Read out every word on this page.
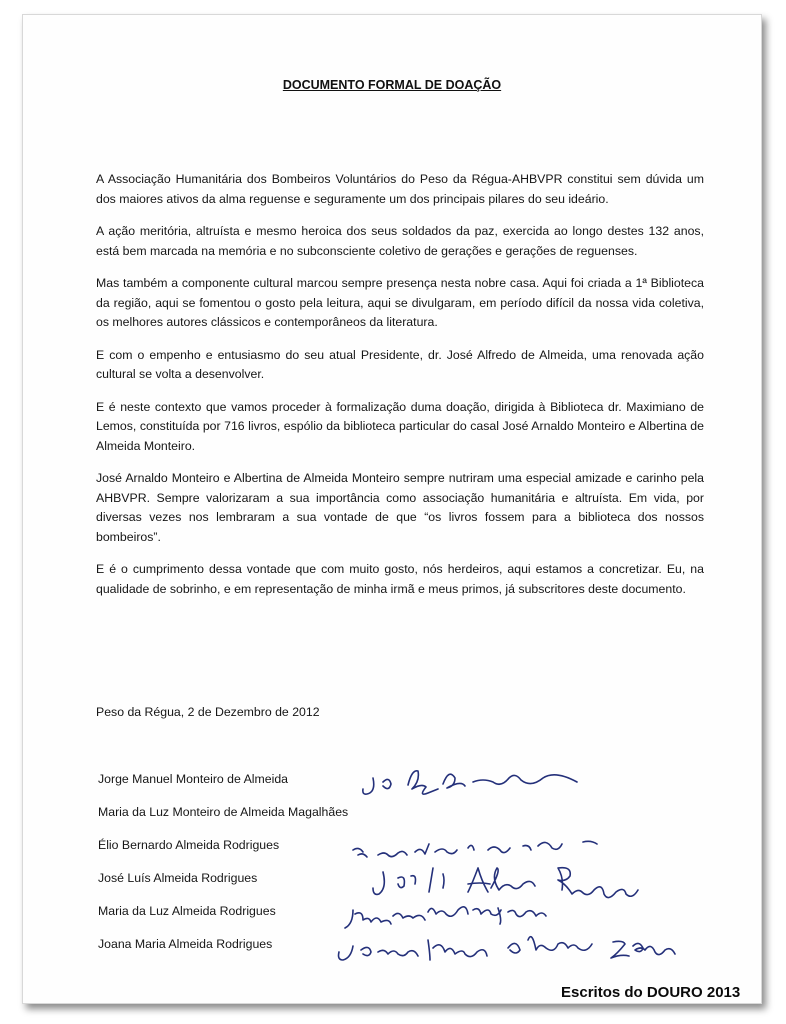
DOCUMENTO FORMAL DE DOAÇÃO

A Associação Humanitária dos Bombeiros Voluntários do Peso da Régua-AHBVPR constitui sem dúvida um dos maiores ativos da alma reguense e seguramente um dos principais pilares do seu ideário.

A ação meritória, altruísta e mesmo heroica dos seus soldados da paz, exercida ao longo destes 132 anos, está bem marcada na memória e no subconsciente coletivo de gerações e gerações de reguenses.

Mas também a componente cultural marcou sempre presença nesta nobre casa. Aqui foi criada a 1ª Biblioteca da região, aqui se fomentou o gosto pela leitura, aqui se divulgaram, em período difícil da nossa vida coletiva, os melhores autores clássicos e contemporâneos da literatura.

E com o empenho e entusiasmo do seu atual Presidente, dr. José Alfredo de Almeida, uma renovada ação cultural se volta a desenvolver.

E é neste contexto que vamos proceder à formalização duma doação, dirigida à Biblioteca dr. Maximiano de Lemos, constituída por 716 livros, espólio da biblioteca particular do casal José Arnaldo Monteiro e Albertina de Almeida Monteiro.

José Arnaldo Monteiro e Albertina de Almeida Monteiro sempre nutriram uma especial amizade e carinho pela AHBVPR. Sempre valorizaram a sua importância como associação humanitária e altruísta. Em vida, por diversas vezes nos lembraram a sua vontade de que “os livros fossem para a biblioteca dos nossos bombeiros”.

E é o cumprimento dessa vontade que com muito gosto, nós herdeiros, aqui estamos a concretizar. Eu, na qualidade de sobrinho, e em representação de minha irmã e meus primos, já subscritores deste documento.

Peso da Régua, 2 de Dezembro de 2012
Jorge Manuel Monteiro de Almeida
Maria da Luz Monteiro de Almeida Magalhães
Élio Bernardo Almeida Rodrigues
José Luís Almeida Rodrigues
Maria da Luz Almeida Rodrigues
Joana Maria Almeida Rodrigues
Escritos do DOURO 2013
